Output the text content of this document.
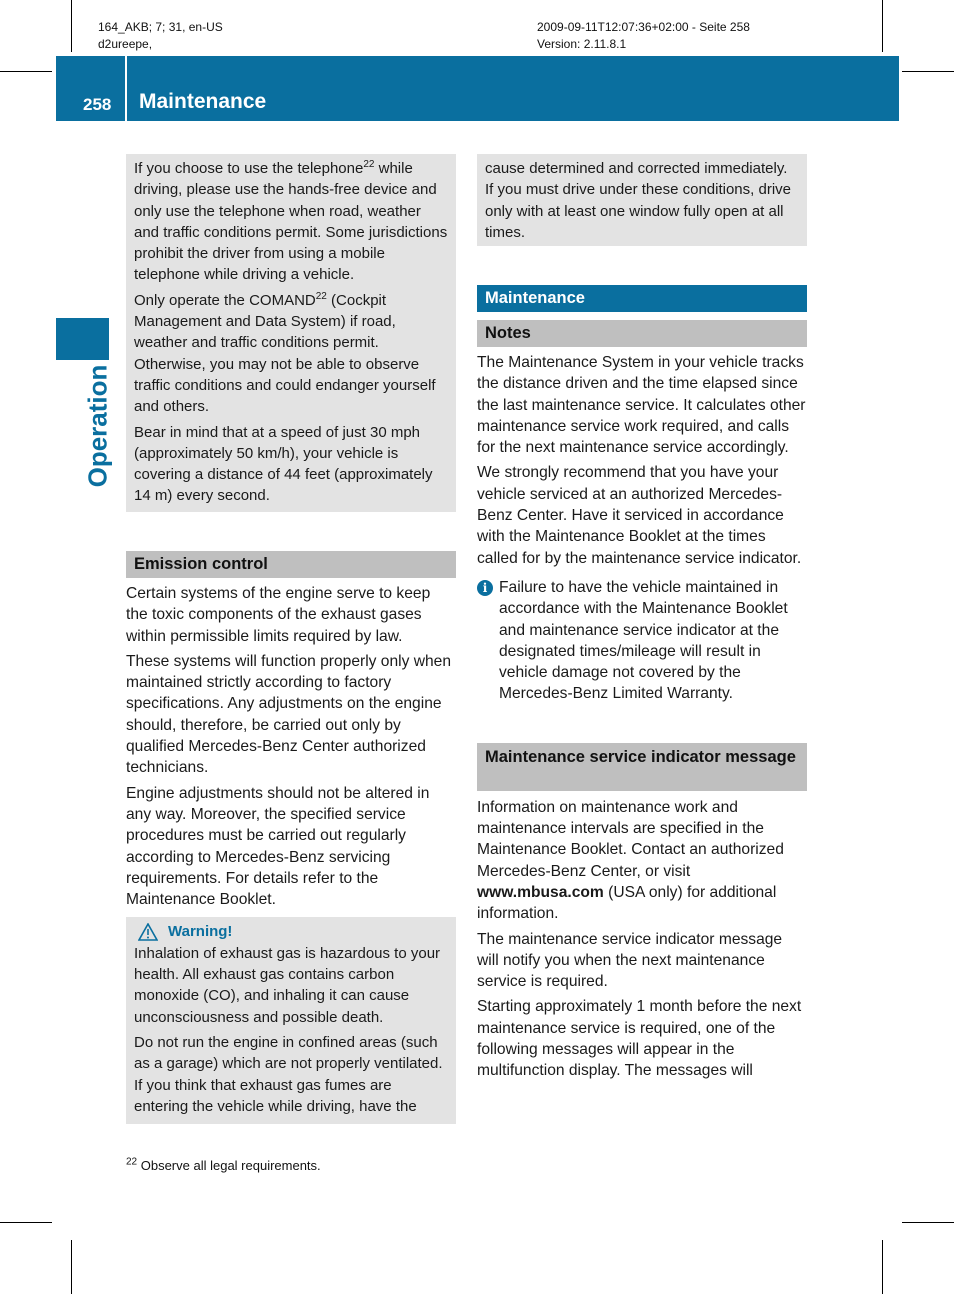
164_AKB; 7; 31, en-US
d2ureepe,
2009-09-11T12:07:36+02:00 - Seite 258
Version: 2.11.8.1
258 Maintenance
Operation

If you choose to use the telephone$^{22}$ while driving, please use the hands-free device and only use the telephone when road, weather and traffic conditions permit. Some jurisdictions prohibit the driver from using a mobile telephone while driving a vehicle.

Only operate the COMAND$^{22}$ (Cockpit Management and Data System) if road, weather and traffic conditions permit. Otherwise, you may not be able to observe traffic conditions and could endanger yourself and others.

Bear in mind that at a speed of just 30 mph (approximately 50 km/h), your vehicle is covering a distance of 44 feet (approximately 14 m) every second.

Emission control

Certain systems of the engine serve to keep the toxic components of the exhaust gases within permissible limits required by law.

These systems will function properly only when maintained strictly according to factory specifications. Any adjustments on the engine should, therefore, be carried out only by qualified Mercedes-Benz Center authorized technicians.

Engine adjustments should not be altered in any way. Moreover, the specified service procedures must be carried out regularly according to Mercedes-Benz servicing requirements. For details refer to the Maintenance Booklet.

Warning!

Inhalation of exhaust gas is hazardous to your health. All exhaust gas contains carbon monoxide (CO), and inhaling it can cause unconsciousness and possible death.

Do not run the engine in confined areas (such as a garage) which are not properly ventilated. If you think that exhaust gas fumes are entering the vehicle while driving, have the

cause determined and corrected immediately. If you must drive under these conditions, drive only with at least one window fully open at all times.

Maintenance
Notes

The Maintenance System in your vehicle tracks the distance driven and the time elapsed since the last maintenance service. It calculates other maintenance service work required, and calls for the next maintenance service accordingly.

We strongly recommend that you have your vehicle serviced at an authorized Mercedes-Benz Center. Have it serviced in accordance with the Maintenance Booklet at the times called for by the maintenance service indicator.

i Failure to have the vehicle maintained in accordance with the Maintenance Booklet and maintenance service indicator at the designated times/mileage will result in vehicle damage not covered by the Mercedes-Benz Limited Warranty.
Maintenance service indicator message

Information on maintenance work and maintenance intervals are specified in the Maintenance Booklet. Contact an authorized Mercedes-Benz Center, or visit www.mbusa.com (USA only) for additional information.

The maintenance service indicator message will notify you when the next maintenance service is required.

Starting approximately 1 month before the next maintenance service is required, one of the following messages will appear in the multifunction display. The messages will

$^{22}$ Observe all legal requirements.
